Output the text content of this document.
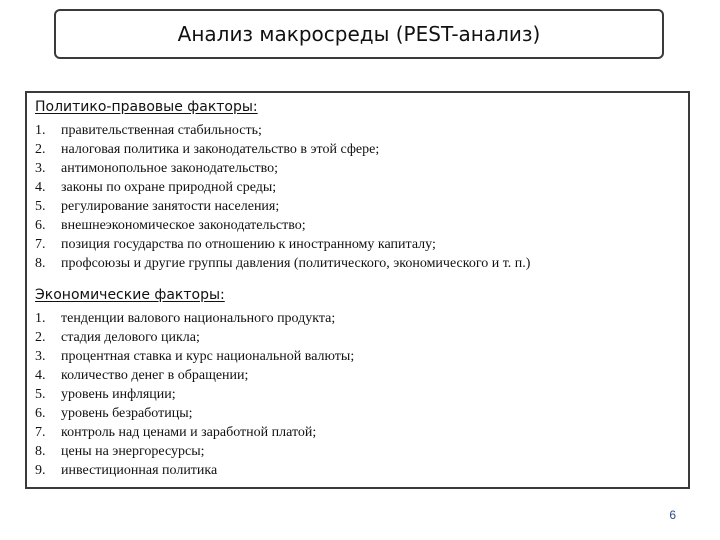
Анализ макросреды (PEST-анализ)
Политико-правовые факторы:
1.	правительственная стабильность;
2.	налоговая политика и законодательство в этой сфере;
3.	антимонопольное законодательство;
4.	законы по охране природной среды;
5.	регулирование занятости населения;
6.	внешнеэкономическое законодательство;
7.	позиция государства по отношению к иностранному капиталу;
8.	профсоюзы и другие группы давления (политического, экономического и т. п.)
Экономические факторы:
1.	тенденции валового национального продукта;
2.	стадия делового цикла;
3.	процентная ставка и курс национальной валюты;
4.	количество денег в обращении;
5.	уровень инфляции;
6.	уровень безработицы;
7.	контроль над ценами и заработной платой;
8.	цены на энергоресурсы;
9.	инвестиционная политика
6
